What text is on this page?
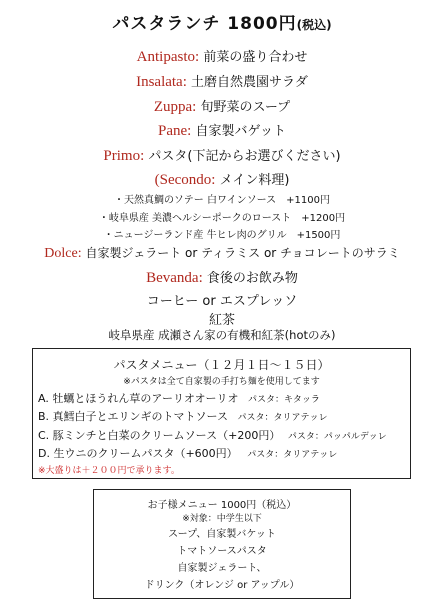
パスタランチ 1800円(税込)
Antipasto: 前菜の盛り合わせ
Insalata: 土磨自然農園サラダ
Zuppa: 旬野菜のスープ
Pane: 自家製バゲット
Primo: パスタ(下記からお選びください)
(Secondo: メイン料理)
・天然真鯛のソテー 白ワインソース　+1100円
・岐阜県産 美濃ヘルシーポークのロースト　+1200円
・ニュージーランド産 牛ヒレ肉のグリル　+1500円
Dolce: 自家製ジェラート or ティラミス or チョコレートのサラミ
Bevanda: 食後のお飲み物
コーヒー or エスプレッソ
紅茶
岐阜県産 成瀬さん家の有機和紅茶(hotのみ)
パスタメニュー（１２月１日〜１５日）
※パスタは全て自家製の手打ち麺を使用してます
A. 牡蠣とほうれん草のアーリオオーリオ パスタ：キタッラ
B. 真鱈白子とエリンギのトマトソース パスタ：タリアテッレ
C. 豚ミンチと白菜のクリームソース（+200円） パスタ：パッパルデッレ
D. 生ウニのクリームパスタ（+600円） パスタ：タリアテッレ
※大盛りは＋２００円で承ります。
お子様メニュー 1000円（税込）
※対象：中学生以下
スープ、自家製バケット
トマトソースパスタ
自家製ジェラート、
ドリンク（オレンジ or アップル）
